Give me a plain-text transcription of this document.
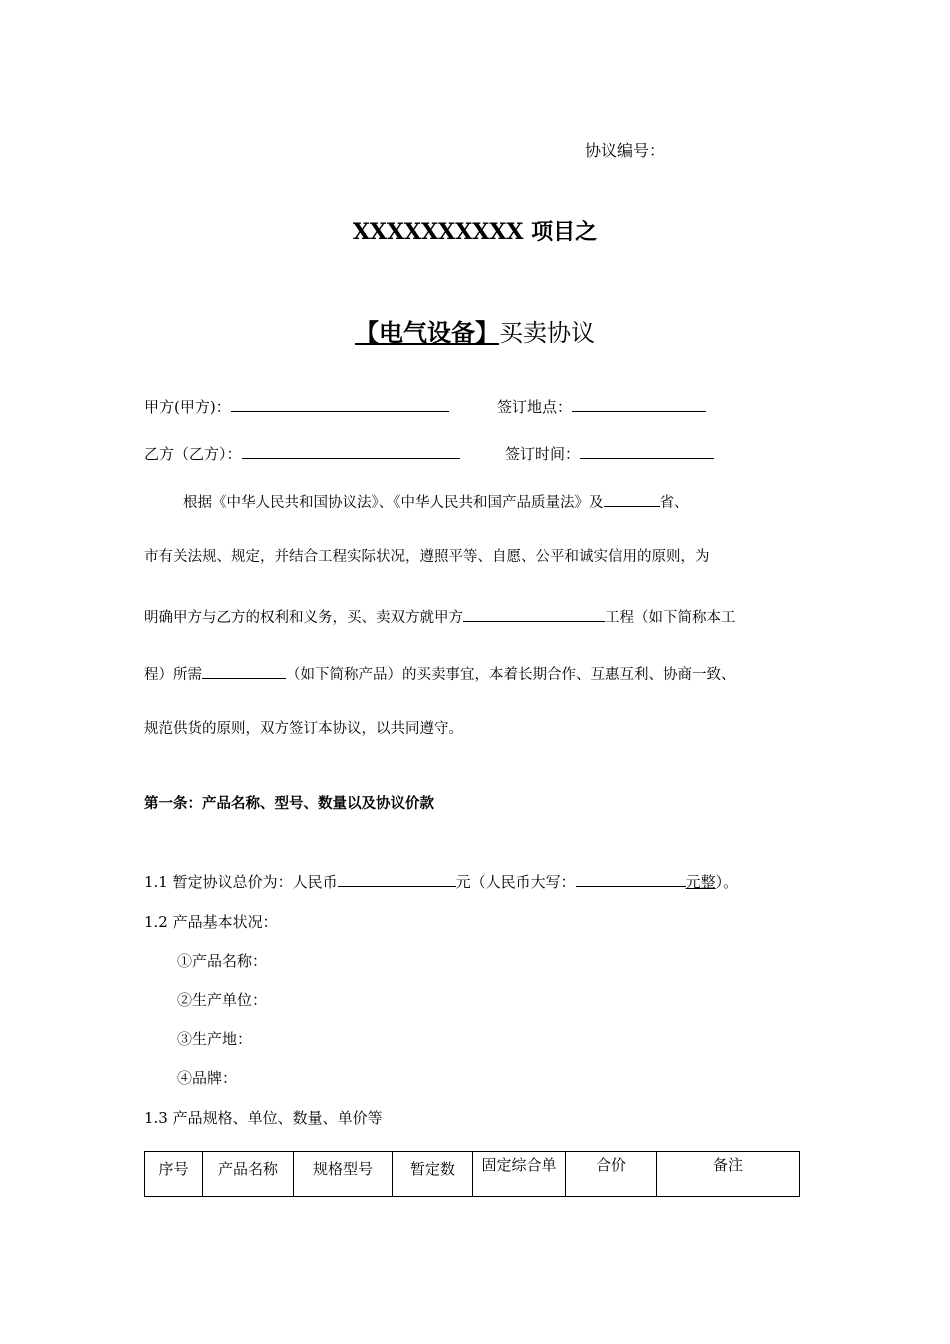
协议编号：
XXXXXXXXXX 项目之
【电气设备】买卖协议
甲方(甲方)：	签订地点：
乙方（乙方）：	签订时间：
根据《中华人民共和国协议法》、《中华人民共和国产品质量法》及	省、
市有关法规、规定，并结合工程实际状况，遵照平等、自愿、公平和诚实信用的原则，为
明确甲方与乙方的权利和义务，买、卖双方就甲方	工程（如下简称本工
程）所需	（如下简称产品）的买卖事宜，本着长期合作、互惠互利、协商一致、
规范供货的原则，双方签订本协议，以共同遵守。
第一条：产品名称、型号、数量以及协议价款
1.1 暂定协议总价为：人民币	元（人民币大写：	元整）。
1.2 产品基本状况：
①产品名称：
②生产单位：
③生产地：
④品牌：
1.3 产品规格、单位、数量、单价等
序号	产品名称	规格型号	暂定数	固定综合单	合价	备注
